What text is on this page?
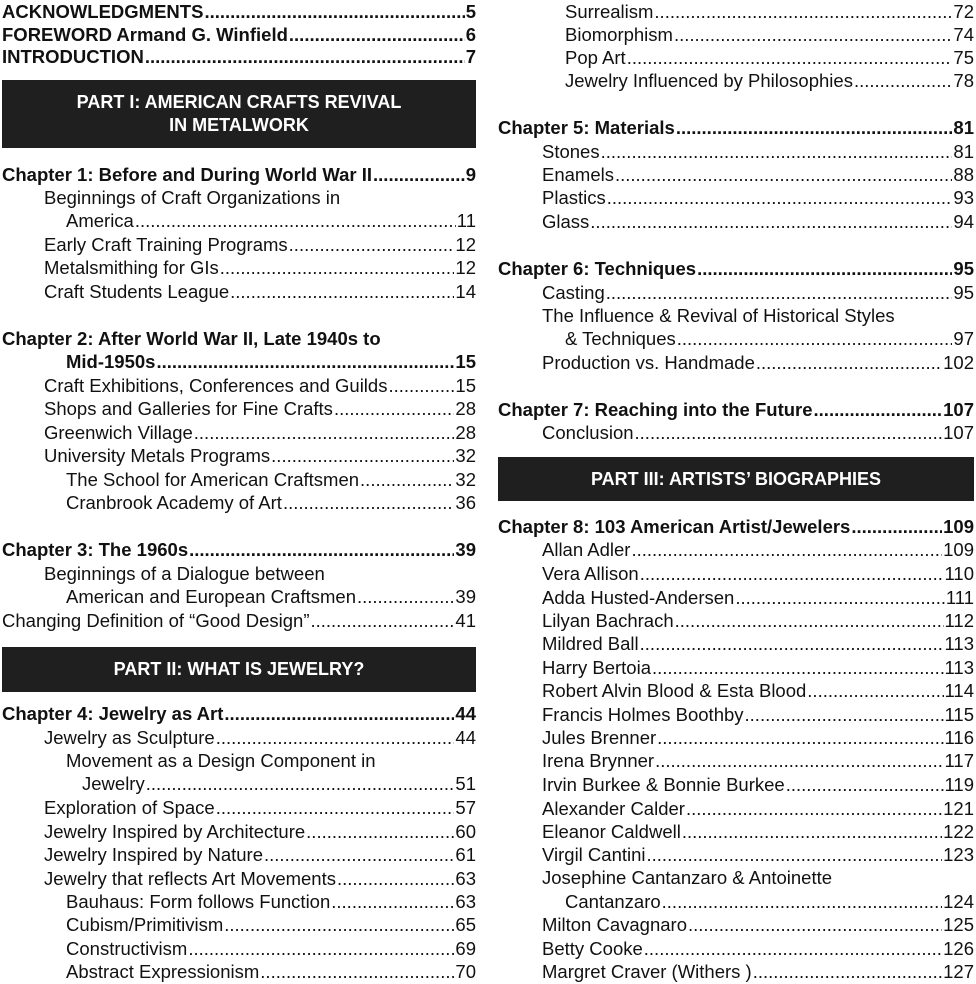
ACKNOWLEDGMENTS .....	5
FOREWORD Armand G. Winfield .....	6
INTRODUCTION .....	7
Chapter 1: Before and During World War II .....	9
Beginnings of Craft Organizations in
America .....	11
Early Craft Training Programs .....	12
Metalsmithing for GIs .....	12
Craft Students League .....	14
Chapter 2: After World War II, Late 1940s to
Mid-1950s .....	15
Craft Exhibitions, Conferences and Guilds .....	15
Shops and Galleries for Fine Crafts .....	28
Greenwich Village .....	28
University Metals Programs .....	32
The School for American Craftsmen .....	32
Cranbrook Academy of Art .....	36
Chapter 3: The 1960s .....	39
Beginnings of a Dialogue between
American and European Craftsmen .....	39
Changing Definition of “Good Design” .....	41
Chapter 4: Jewelry as Art .....	44
Jewelry as Sculpture .....	44
Movement as a Design Component in
Jewelry .....	51
Exploration of Space .....	57
Jewelry Inspired by Architecture .....	60
Jewelry Inspired by Nature .....	61
Jewelry that reflects Art Movements .....	63
Bauhaus: Form follows Function .....	63
Cubism/Primitivism .....	65
Constructivism .....	69
Abstract Expressionism .....	70
PART I: AMERICAN CRAFTS REVIVAL
IN METALWORK
PART II: WHAT IS JEWELRY?
Surrealism .....	72
Biomorphism .....	74
Pop Art .....	75
Jewelry Influenced by Philosophies .....	78
Chapter 5: Materials .....	81
Stones .....	81
Enamels .....	88
Plastics .....	93
Glass .....	94
Chapter 6: Techniques .....	95
Casting .....	95
The Influence & Revival of Historical Styles
& Techniques .....	97
Production vs. Handmade .....	102
Chapter 7: Reaching into the Future .....	107
Conclusion .....	107
Chapter 8: 103 American Artist/Jewelers .....	109
Allan Adler .....	109
Vera Allison .....	110
Adda Husted-Andersen .....	111
Lilyan Bachrach .....	112
Mildred Ball .....	113
Harry Bertoia .....	113
Robert Alvin Blood & Esta Blood .....	114
Francis Holmes Boothby .....	115
Jules Brenner .....	116
Irena Brynner .....	117
Irvin Burkee & Bonnie Burkee .....	119
Alexander Calder .....	121
Eleanor Caldwell .....	122
Virgil Cantini .....	123
Josephine Cantanzaro & Antoinette
Cantanzaro .....	124
Milton Cavagnaro .....	125
Betty Cooke .....	126
Margret Craver (Withers ) .....	127
PART III: ARTISTS’ BIOGRAPHIES
